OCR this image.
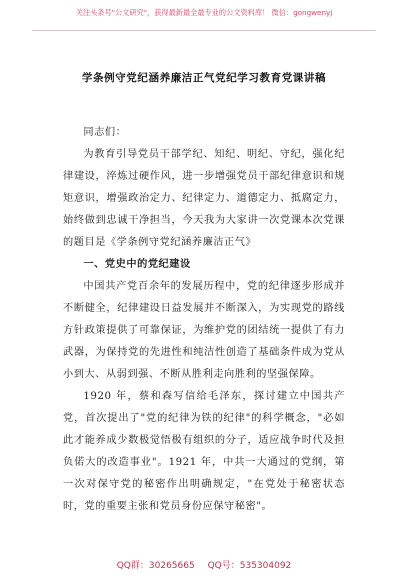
关注头条号"公文研究"，获得最新最全最专业的公文资料库！ 微信：gongwenyj
学条例守党纪涵养廉洁正气党纪学习教育党课讲稿

同志们：

为教育引导党员干部学纪、知纪、明纪、守纪，强化纪律建设，淬炼过硬作风，进一步增强党员干部纪律意识和规矩意识，增强政治定力、纪律定力、道德定力、抵腐定力，始终做到忠诚干净担当，今天我为大家讲一次党课本次党课的题目是《学条例守党纪涵养廉洁正气》

一、党史中的党纪建设

中国共产党百余年的发展历程中，党的纪律逐步形成并不断健全，纪律建设日益发展并不断深入，为实现党的路线方针政策提供了可靠保证，为维护党的团结统一提供了有力武器，为保持党的先进性和纯洁性创造了基础条件成为党从小到大、从弱到强、不断从胜利走向胜利的坚强保障。

1920 年，蔡和森写信给毛泽东，探讨建立中国共产党，首次提出了"党的纪律为铁的纪律"的科学概念，"必如此才能养成少数极觉悟极有组织的分子，适应战争时代及担负偌大的改造事业"。1921 年，中共一大通过的党纲，第一次对保守党的秘密作出明确规定，"在党处于秘密状态时，党的重要主张和党员身份应保守秘密"。

QQ群：30265665 QQ号：535304092
